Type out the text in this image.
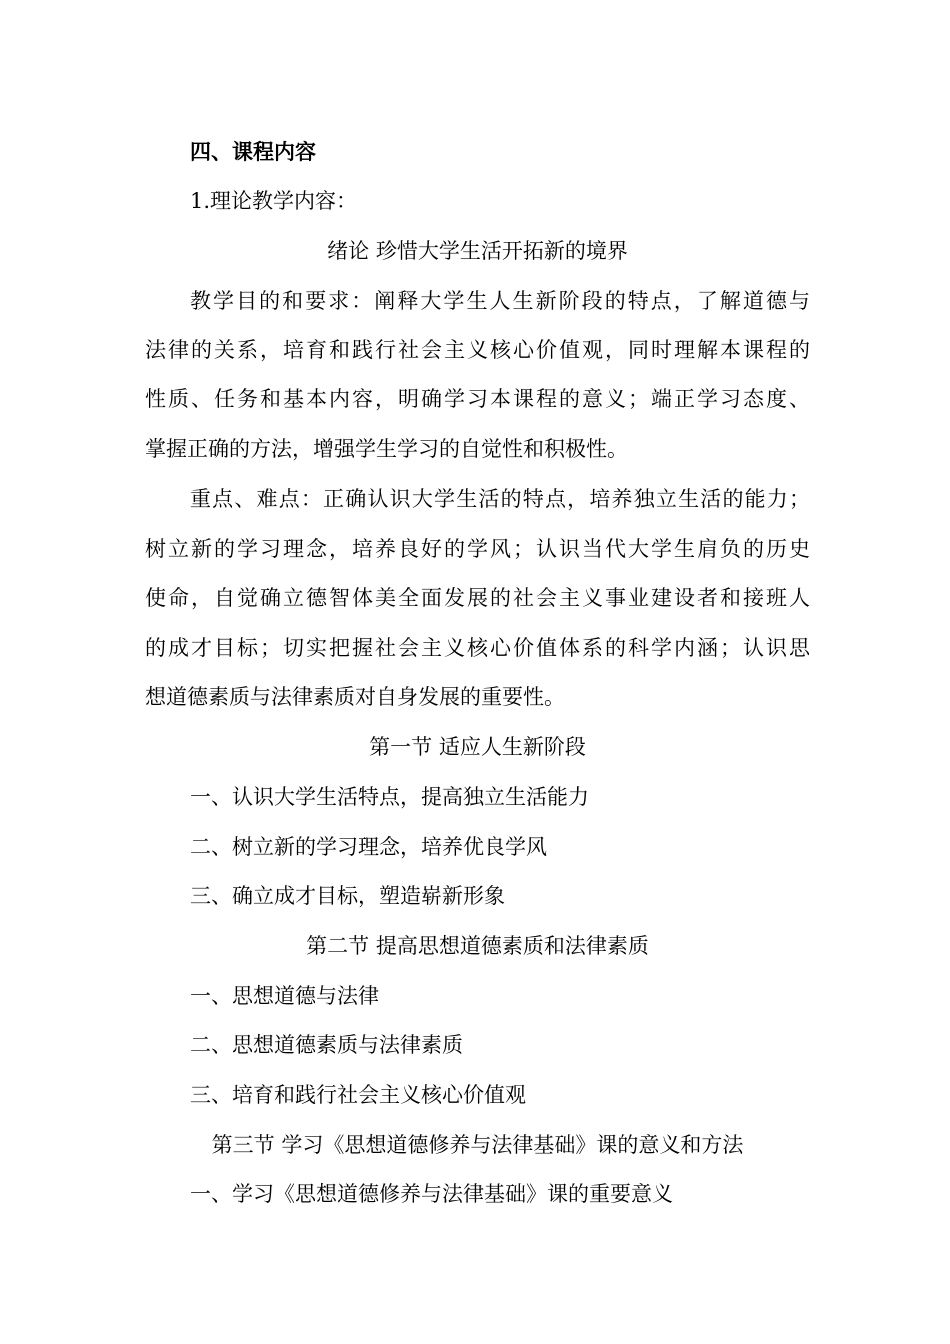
四、课程内容
1.理论教学内容：
绪论 珍惜大学生活开拓新的境界
教学目的和要求：阐释大学生人生新阶段的特点，了解道德与
法律的关系，培育和践行社会主义核心价值观，同时理解本课程的
性质、任务和基本内容，明确学习本课程的意义；端正学习态度、
掌握正确的方法，增强学生学习的自觉性和积极性。
重点、难点：正确认识大学生活的特点，培养独立生活的能力；
树立新的学习理念，培养良好的学风；认识当代大学生肩负的历史
使命，自觉确立德智体美全面发展的社会主义事业建设者和接班人
的成才目标；切实把握社会主义核心价值体系的科学内涵；认识思
想道德素质与法律素质对自身发展的重要性。
第一节 适应人生新阶段
一、认识大学生活特点，提高独立生活能力
二、树立新的学习理念，培养优良学风
三、确立成才目标，塑造崭新形象
第二节 提高思想道德素质和法律素质
一、思想道德与法律
二、思想道德素质与法律素质
三、培育和践行社会主义核心价值观
第三节 学习《思想道德修养与法律基础》课的意义和方法
一、学习《思想道德修养与法律基础》课的重要意义
